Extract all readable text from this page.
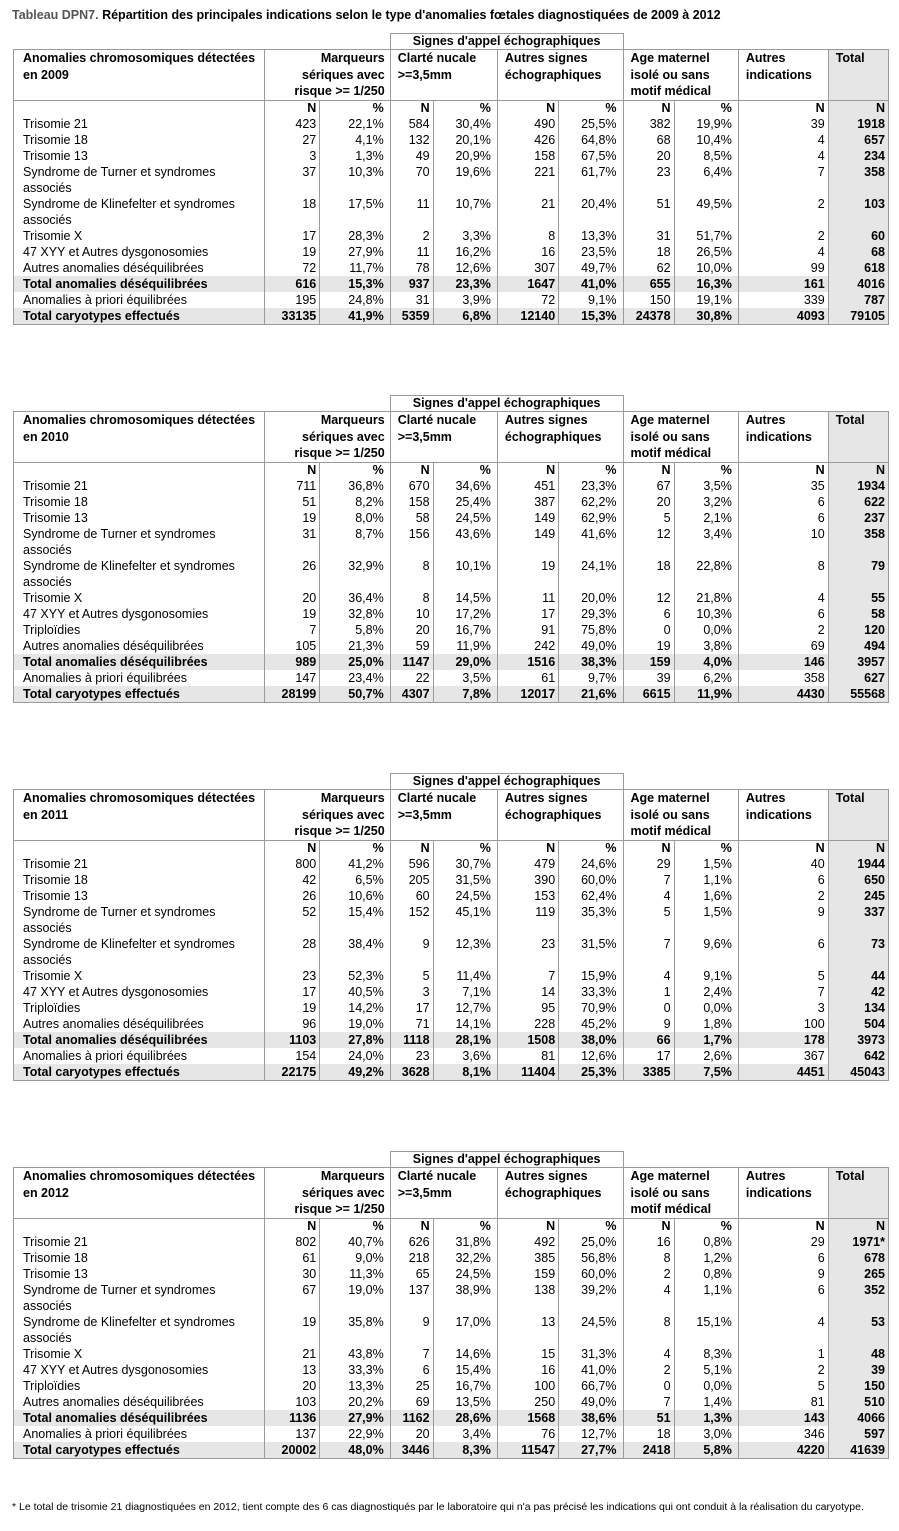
Tableau DPN7. Répartition des principales indications selon le type d'anomalies fœtales diagnostiquées de 2009 à 2012
			Signes d'appel échographiques							
Anomalies chromosomiques détectées en 2009	Marqueurs sériques avec risque >= 1/250		Clarté nucale >=3,5mm		Autres signes échographiques		Age maternel isolé ou sans motif médical		Autres indications	Total
	N	%	N	%	N	%	N	%	N	N
Trisomie 21	423	22,1%	584	30,4%	490	25,5%	382	19,9%	39	1918
Trisomie 18	27	4,1%	132	20,1%	426	64,8%	68	10,4%	4	657
Trisomie 13	3	1,3%	49	20,9%	158	67,5%	20	8,5%	4	234
Syndrome de Turner et syndromes associés	37	10,3%	70	19,6%	221	61,7%	23	6,4%	7	358
Syndrome de Klinefelter et syndromes associés	18	17,5%	11	10,7%	21	20,4%	51	49,5%	2	103
Trisomie X	17	28,3%	2	3,3%	8	13,3%	31	51,7%	2	60
47 XYY et Autres dysgonosomies	19	27,9%	11	16,2%	16	23,5%	18	26,5%	4	68
Autres anomalies déséquilibrées	72	11,7%	78	12,6%	307	49,7%	62	10,0%	99	618
Total anomalies déséquilibrées	616	15,3%	937	23,3%	1647	41,0%	655	16,3%	161	4016
Anomalies à priori équilibrées	195	24,8%	31	3,9%	72	9,1%	150	19,1%	339	787
Total caryotypes effectués	33135	41,9%	5359	6,8%	12140	15,3%	24378	30,8%	4093	79105
			Signes d'appel échographiques							
Anomalies chromosomiques détectées en 2010	Marqueurs sériques avec risque >= 1/250		Clarté nucale >=3,5mm		Autres signes échographiques		Age maternel isolé ou sans motif médical		Autres indications	Total
	N	%	N	%	N	%	N	%	N	N
Trisomie 21	711	36,8%	670	34,6%	451	23,3%	67	3,5%	35	1934
Trisomie 18	51	8,2%	158	25,4%	387	62,2%	20	3,2%	6	622
Trisomie 13	19	8,0%	58	24,5%	149	62,9%	5	2,1%	6	237
Syndrome de Turner et syndromes associés	31	8,7%	156	43,6%	149	41,6%	12	3,4%	10	358
Syndrome de Klinefelter et syndromes associés	26	32,9%	8	10,1%	19	24,1%	18	22,8%	8	79
Trisomie X	20	36,4%	8	14,5%	11	20,0%	12	21,8%	4	55
47 XYY et Autres dysgonosomies	19	32,8%	10	17,2%	17	29,3%	6	10,3%	6	58
Triploïdies	7	5,8%	20	16,7%	91	75,8%	0	0,0%	2	120
Autres anomalies déséquilibrées	105	21,3%	59	11,9%	242	49,0%	19	3,8%	69	494
Total anomalies déséquilibrées	989	25,0%	1147	29,0%	1516	38,3%	159	4,0%	146	3957
Anomalies à priori équilibrées	147	23,4%	22	3,5%	61	9,7%	39	6,2%	358	627
Total caryotypes effectués	28199	50,7%	4307	7,8%	12017	21,6%	6615	11,9%	4430	55568
			Signes d'appel échographiques							
Anomalies chromosomiques détectées en 2011	Marqueurs sériques avec risque >= 1/250		Clarté nucale >=3,5mm		Autres signes échographiques		Age maternel isolé ou sans motif médical		Autres indications	Total
	N	%	N	%	N	%	N	%	N	N
Trisomie 21	800	41,2%	596	30,7%	479	24,6%	29	1,5%	40	1944
Trisomie 18	42	6,5%	205	31,5%	390	60,0%	7	1,1%	6	650
Trisomie 13	26	10,6%	60	24,5%	153	62,4%	4	1,6%	2	245
Syndrome de Turner et syndromes associés	52	15,4%	152	45,1%	119	35,3%	5	1,5%	9	337
Syndrome de Klinefelter et syndromes associés	28	38,4%	9	12,3%	23	31,5%	7	9,6%	6	73
Trisomie X	23	52,3%	5	11,4%	7	15,9%	4	9,1%	5	44
47 XYY et Autres dysgonosomies	17	40,5%	3	7,1%	14	33,3%	1	2,4%	7	42
Triploïdies	19	14,2%	17	12,7%	95	70,9%	0	0,0%	3	134
Autres anomalies déséquilibrées	96	19,0%	71	14,1%	228	45,2%	9	1,8%	100	504
Total anomalies déséquilibrées	1103	27,8%	1118	28,1%	1508	38,0%	66	1,7%	178	3973
Anomalies à priori équilibrées	154	24,0%	23	3,6%	81	12,6%	17	2,6%	367	642
Total caryotypes effectués	22175	49,2%	3628	8,1%	11404	25,3%	3385	7,5%	4451	45043
			Signes d'appel échographiques							
Anomalies chromosomiques détectées en 2012	Marqueurs sériques avec risque >= 1/250		Clarté nucale >=3,5mm		Autres signes échographiques		Age maternel isolé ou sans motif médical		Autres indications	Total
	N	%	N	%	N	%	N	%	N	N
Trisomie 21	802	40,7%	626	31,8%	492	25,0%	16	0,8%	29	1971*
Trisomie 18	61	9,0%	218	32,2%	385	56,8%	8	1,2%	6	678
Trisomie 13	30	11,3%	65	24,5%	159	60,0%	2	0,8%	9	265
Syndrome de Turner et syndromes associés	67	19,0%	137	38,9%	138	39,2%	4	1,1%	6	352
Syndrome de Klinefelter et syndromes associés	19	35,8%	9	17,0%	13	24,5%	8	15,1%	4	53
Trisomie X	21	43,8%	7	14,6%	15	31,3%	4	8,3%	1	48
47 XYY et Autres dysgonosomies	13	33,3%	6	15,4%	16	41,0%	2	5,1%	2	39
Triploïdies	20	13,3%	25	16,7%	100	66,7%	0	0,0%	5	150
Autres anomalies déséquilibrées	103	20,2%	69	13,5%	250	49,0%	7	1,4%	81	510
Total anomalies déséquilibrées	1136	27,9%	1162	28,6%	1568	38,6%	51	1,3%	143	4066
Anomalies à priori équilibrées	137	22,9%	20	3,4%	76	12,7%	18	3,0%	346	597
Total caryotypes effectués	20002	48,0%	3446	8,3%	11547	27,7%	2418	5,8%	4220	41639
* Le total de trisomie 21 diagnostiquées en 2012, tient compte des 6 cas diagnostiqués par le laboratoire qui n'a pas précisé les indications qui ont conduit à la réalisation du caryotype.
